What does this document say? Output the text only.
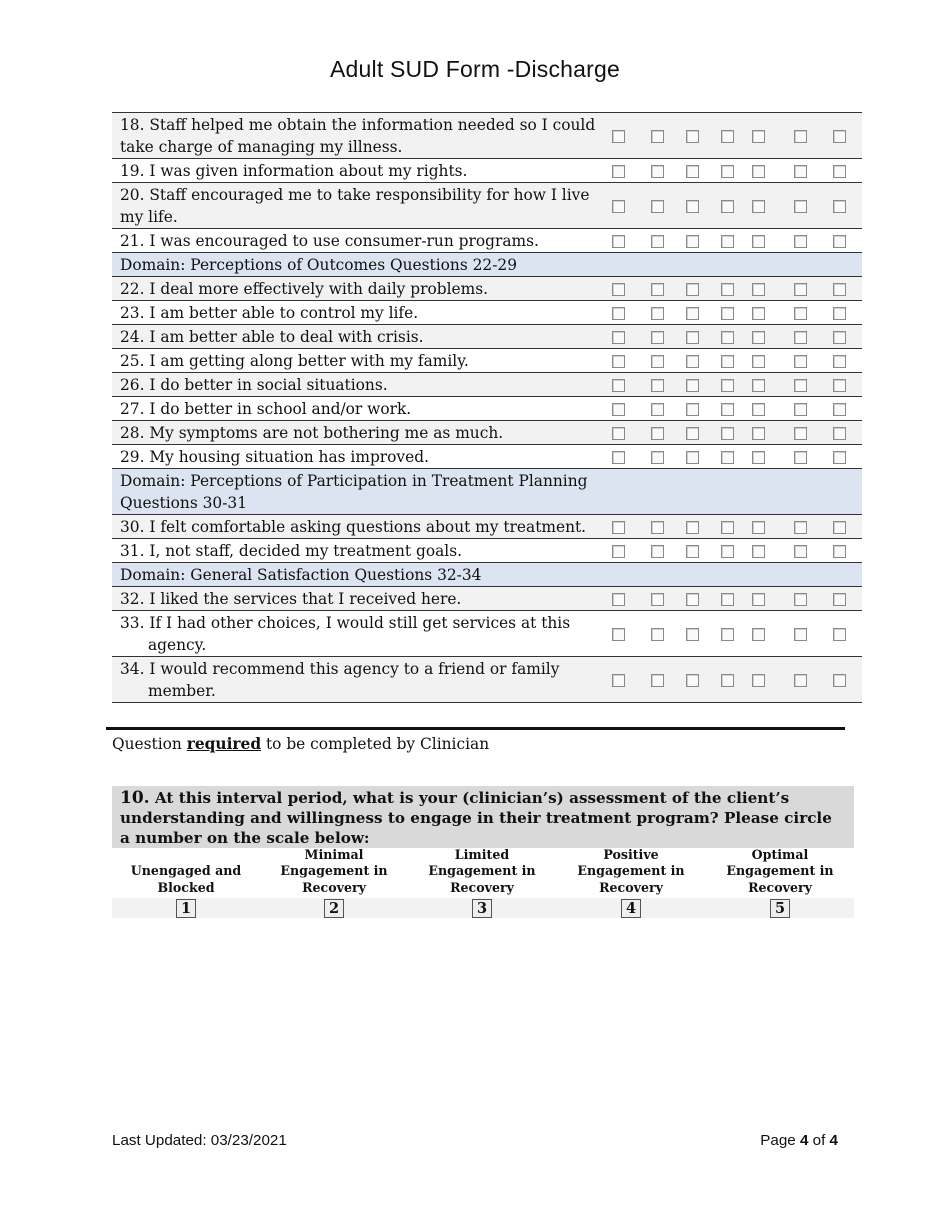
Adult SUD Form -Discharge
18. Staff helped me obtain the information needed so I could take charge of managing my illness.	

19. I was given information about my rights.	

20. Staff encouraged me to take responsibility for how I live my life.	

21. I was encouraged to use consumer-run programs.	

Domain: Perceptions of Outcomes Questions 22-29	

22. I deal more effectively with daily problems.	

23. I am better able to control my life.	

24. I am better able to deal with crisis.	

25. I am getting along better with my family.	

26. I do better in social situations.	

27. I do better in school and/or work.	

28. My symptoms are not bothering me as much.	

29. My housing situation has improved.	

Domain: Perceptions of Participation in Treatment Planning Questions 30-31	

30. I felt comfortable asking questions about my treatment.	

31. I, not staff, decided my treatment goals.	

Domain: General Satisfaction Questions 32-34	

32. I liked the services that I received here.	

33. If I had other choices, I would still get services at this agency.	

34. I would recommend this agency to a friend or family member.	
Question required to be completed by Clinician
10. At this interval period, what is your (clinician’s) assessment of the client’s understanding and willingness to engage in their treatment program? Please circle a number on the scale below:
Unengaged and Blocked
1
Minimal Engagement in Recovery
2
Limited Engagement in Recovery
3
Positive Engagement in Recovery
4
Optimal Engagement in Recovery
5
Last Updated: 03/23/2021	Page 4 of 4
